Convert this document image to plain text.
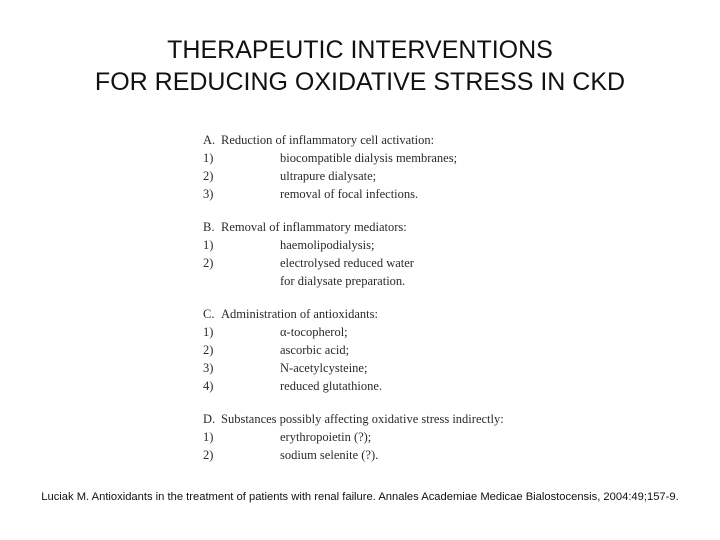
THERAPEUTIC INTERVENTIONS
FOR REDUCING OXIDATIVE STRESS IN CKD
A. Reduction of inflammatory cell activation:
1)	biocompatible dialysis membranes;
2)	ultrapure dialysate;
3)	removal of focal infections.
B. Removal of inflammatory mediators:
1)	haemolipodialysis;
2)	electrolysed reduced water
for dialysate preparation.
C. Administration of antioxidants:
1)	α-tocopherol;
2)	ascorbic acid;
3)	N-acetylcysteine;
4)	reduced glutathione.
D. Substances possibly affecting oxidative stress indirectly:
1)	erythropoietin (?);
2)	sodium selenite (?).
Luciak M. Antioxidants in the treatment of patients with renal failure. Annales Academiae Medicae Bialostocensis, 2004:49;157-9.
